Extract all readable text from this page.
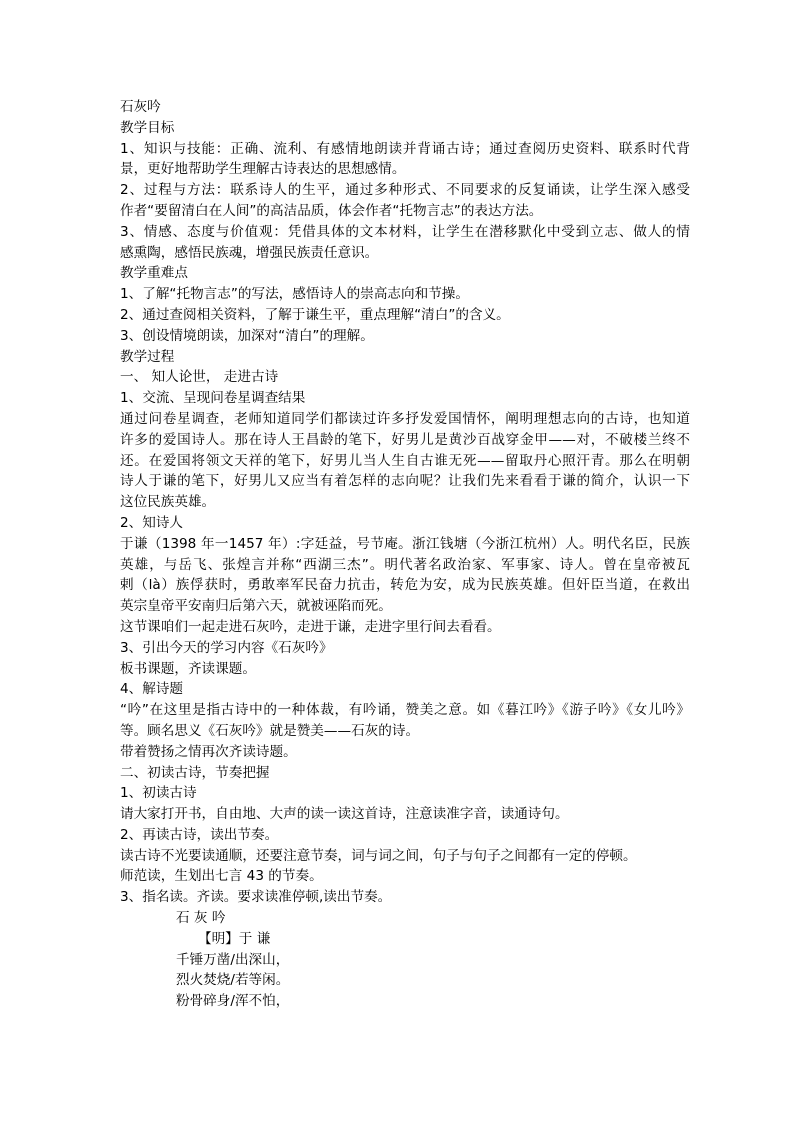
石灰吟
教学目标
1、知识与技能：正确、流利、有感情地朗读并背诵古诗；通过查阅历史资料、联系时代背
景，更好地帮助学生理解古诗表达的思想感情。
2、过程与方法：联系诗人的生平，通过多种形式、不同要求的反复诵读，让学生深入感受
作者“要留清白在人间”的高洁品质，体会作者“托物言志”的表达方法。
3、情感、态度与价值观：凭借具体的文本材料，让学生在潜移默化中受到立志、做人的情
感熏陶，感悟民族魂，增强民族责任意识。
教学重难点
1、了解“托物言志”的写法，感悟诗人的崇高志向和节操。
2、通过查阅相关资料，了解于谦生平，重点理解“清白”的含义。
3、创设情境朗读，加深对“清白”的理解。
教学过程
一、 知人论世， 走进古诗
1、交流、呈现问卷星调查结果
通过问卷星调查，老师知道同学们都读过许多抒发爱国情怀，阐明理想志向的古诗，也知道
许多的爱国诗人。那在诗人王昌龄的笔下，好男儿是黄沙百战穿金甲——对，不破楼兰终不
还。在爱国将领文天祥的笔下，好男儿当人生自古谁无死——留取丹心照汗青。那么在明朝
诗人于谦的笔下，好男儿又应当有着怎样的志向呢？让我们先来看看于谦的简介，认识一下
这位民族英雄。
2、知诗人
于谦（1398 年一1457 年）:字廷益，号节庵。浙江钱塘（今浙江杭州）人。明代名臣，民族
英雄，与岳飞、张煌言并称“西湖三杰”。明代著名政治家、军事家、诗人。曾在皇帝被瓦
剌（là）族俘获时，勇敢率军民奋力抗击，转危为安，成为民族英雄。但奸臣当道，在救出
英宗皇帝平安南归后第六天，就被诬陷而死。
这节课咱们一起走进石灰吟，走进于谦，走进字里行间去看看。
3、引出今天的学习内容《石灰吟》
板书课题，齐读课题。
4、解诗题
“吟”在这里是指古诗中的一种体裁，有吟诵，赞美之意。如《暮江吟》《游子吟》《女儿吟》
等。顾名思义《石灰吟》就是赞美——石灰的诗。
带着赞扬之情再次齐读诗题。
二、初读古诗，节奏把握
1、初读古诗
请大家打开书，自由地、大声的读一读这首诗，注意读准字音，读通诗句。
2、再读古诗，读出节奏。
读古诗不光要读通顺，还要注意节奏，词与词之间，句子与句子之间都有一定的停顿。
师范读，生划出七言 43 的节奏。
3、指名读。齐读。要求读准停顿,读出节奏。
石 灰 吟
【明】于 谦
千锤万凿/出深山，
烈火焚烧/若等闲。
粉骨碎身/浑不怕，
